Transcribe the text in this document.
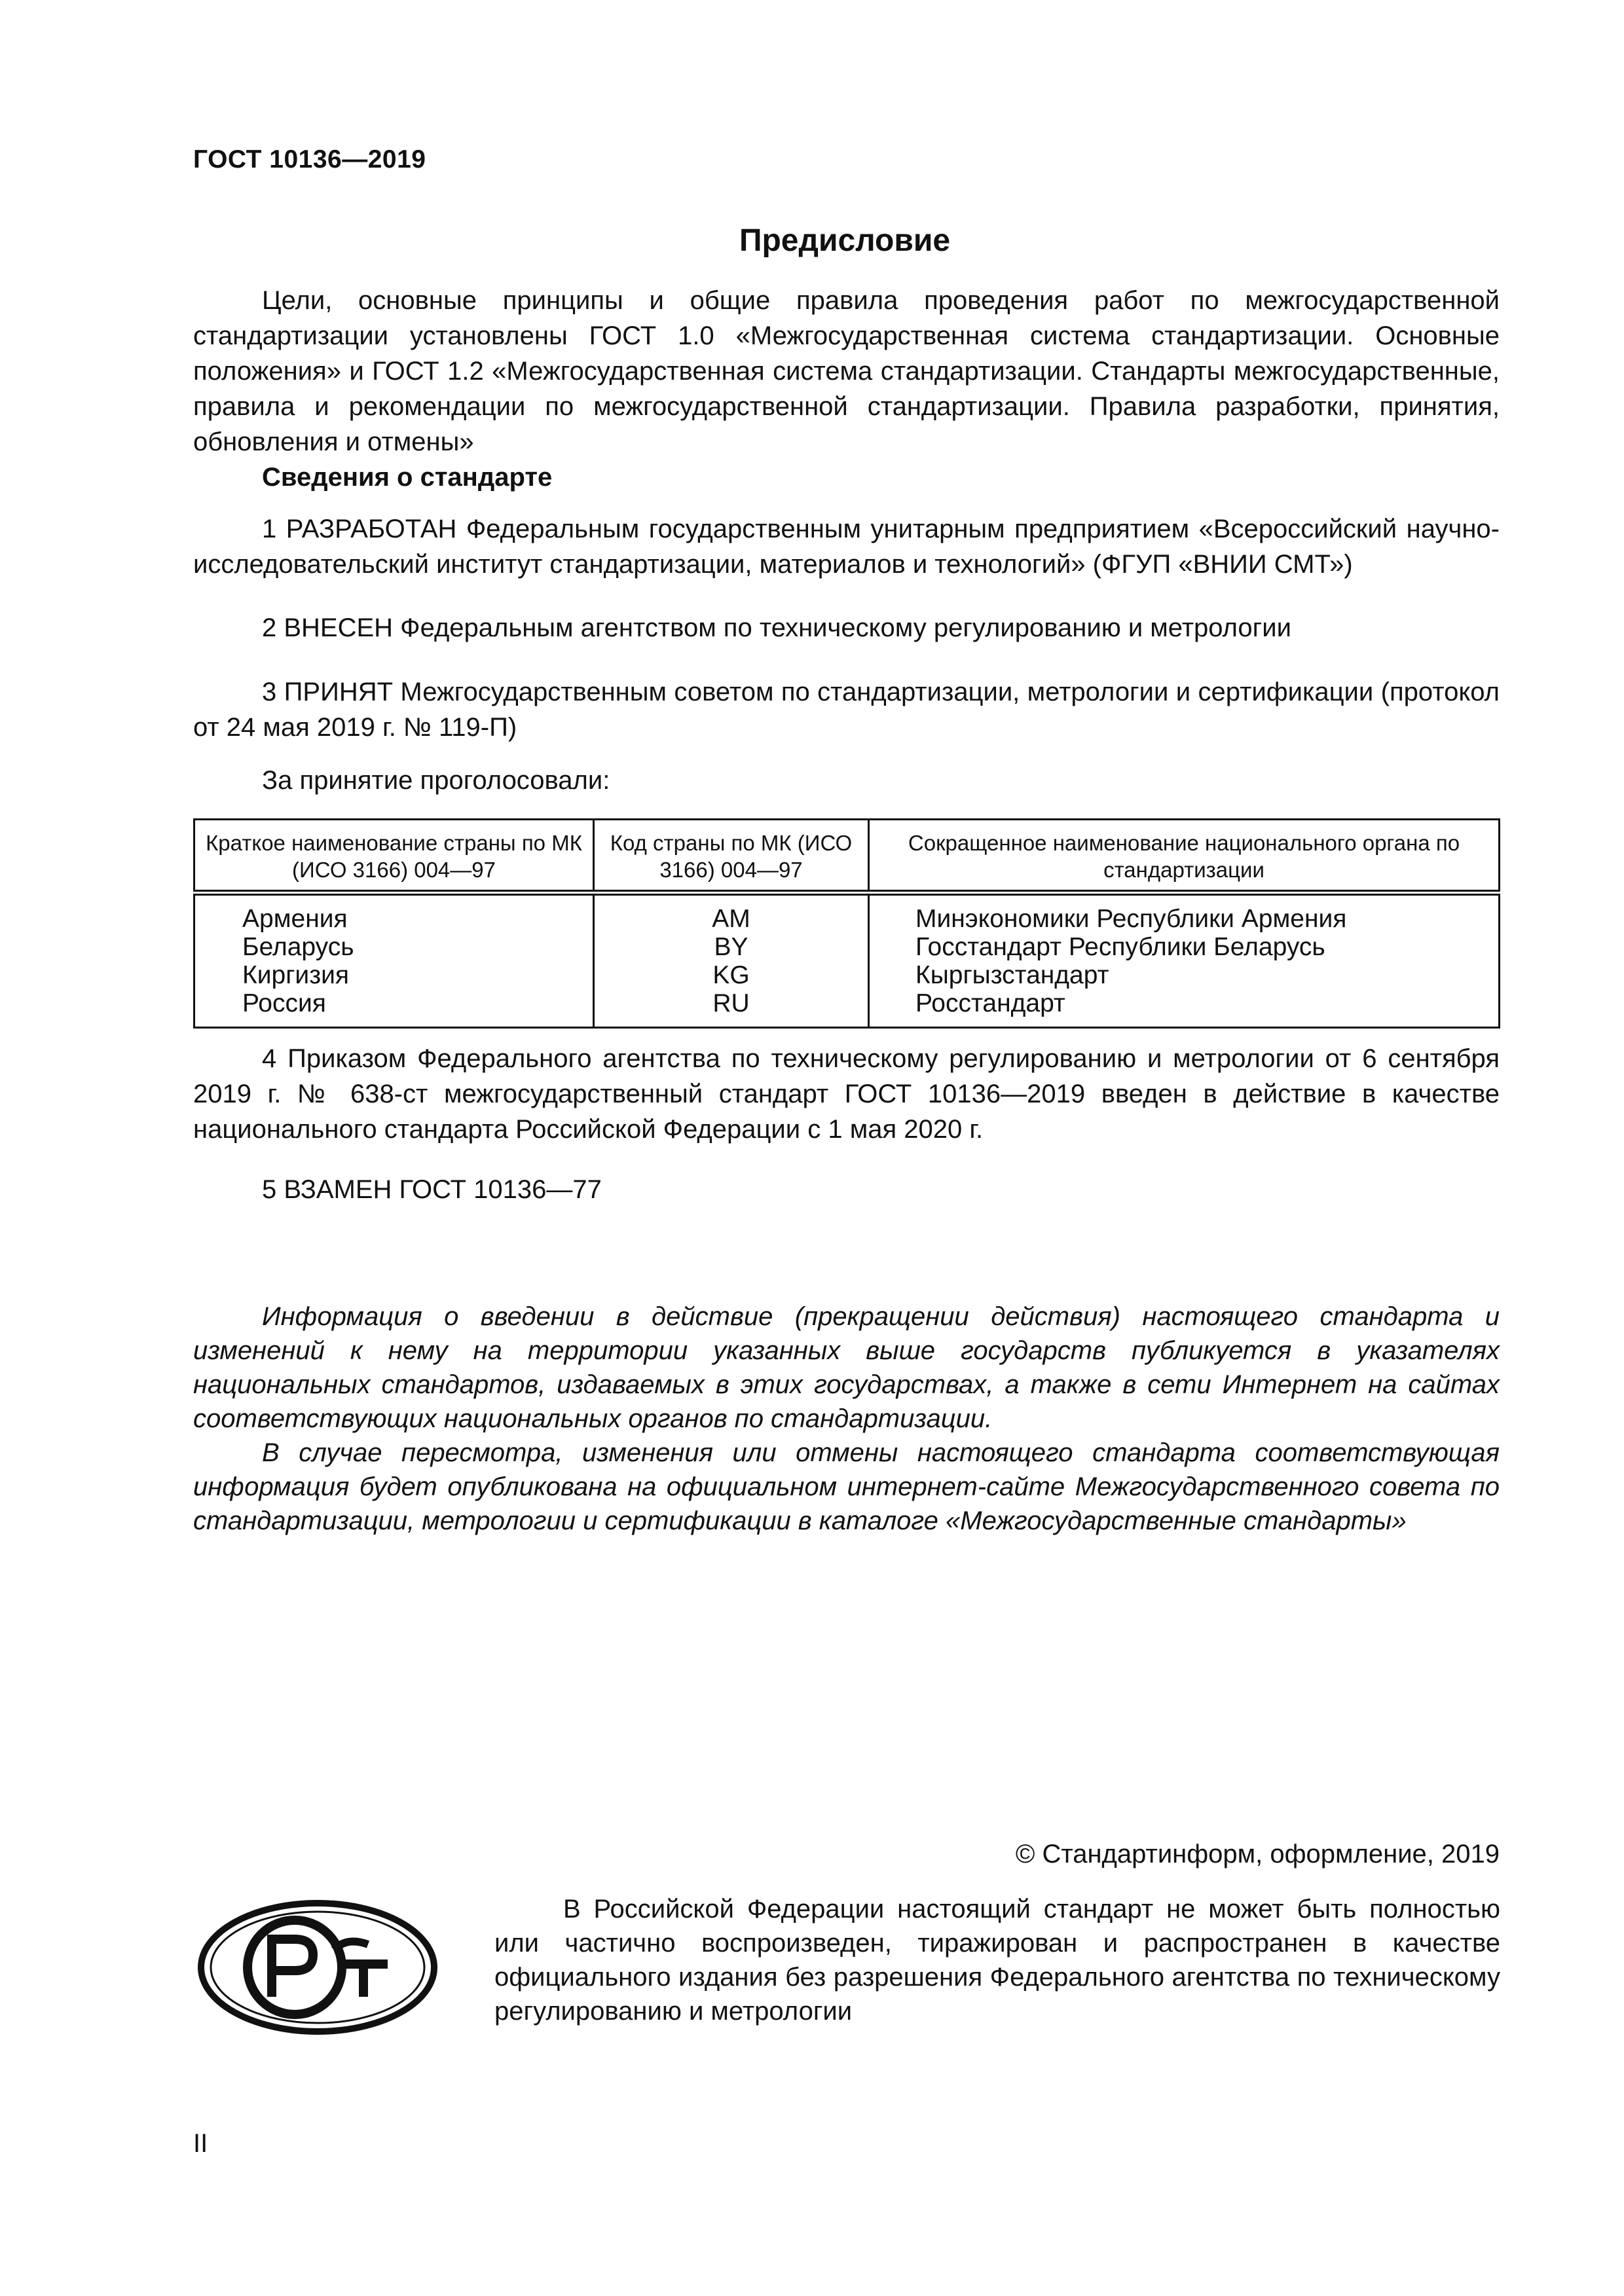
ГОСТ 10136—2019
Предисловие

Цели, основные принципы и общие правила проведения работ по межгосударственной стандартизации установлены ГОСТ 1.0 «Межгосударственная система стандартизации. Основные положения» и ГОСТ 1.2 «Межгосударственная система стандартизации. Стандарты межгосударственные, правила и рекомендации по межгосударственной стандартизации. Правила разработки, принятия, обновления и отмены»

Сведения о стандарте

1 РАЗРАБОТАН Федеральным государственным унитарным предприятием «Всероссийский научно-исследовательский институт стандартизации, материалов и технологий» (ФГУП «ВНИИ СМТ»)

2 ВНЕСЕН Федеральным агентством по техническому регулированию и метрологии

3 ПРИНЯТ Межгосударственным советом по стандартизации, метрологии и сертификации (протокол от 24 мая 2019 г. № 119-П)

За принятие проголосовали:
Краткое наименование страны по МК (ИСО 3166) 004—97	Код страны по МК (ИСО 3166) 004—97	Сокращенное наименование национального органа по стандартизации
Армения	AM	Минэкономики Республики Армения
Беларусь	BY	Госстандарт Республики Беларусь
Киргизия	KG	Кыргызстандарт
Россия	RU	Росстандарт

4 Приказом Федерального агентства по техническому регулированию и метрологии от 6 сентября 2019 г. № 638-ст межгосударственный стандарт ГОСТ 10136—2019 введен в действие в качестве национального стандарта Российской Федерации с 1 мая 2020 г.

5 ВЗАМЕН ГОСТ 10136—77

Информация о введении в действие (прекращении действия) настоящего стандарта и изменений к нему на территории указанных выше государств публикуется в указателях национальных стандартов, издаваемых в этих государствах, а также в сети Интернет на сайтах соответствующих национальных органов по стандартизации.

В случае пересмотра, изменения или отмены настоящего стандарта соответствующая информация будет опубликована на официальном интернет-сайте Межгосударственного совета по стандартизации, метрологии и сертификации в каталоге «Межгосударственные стандарты»

© Стандартинформ, оформление, 2019

В Российской Федерации настоящий стандарт не может быть полностью или частично воспроизведен, тиражирован и распространен в качестве официального издания без разрешения Федерального агентства по техническому регулированию и метрологии

II
